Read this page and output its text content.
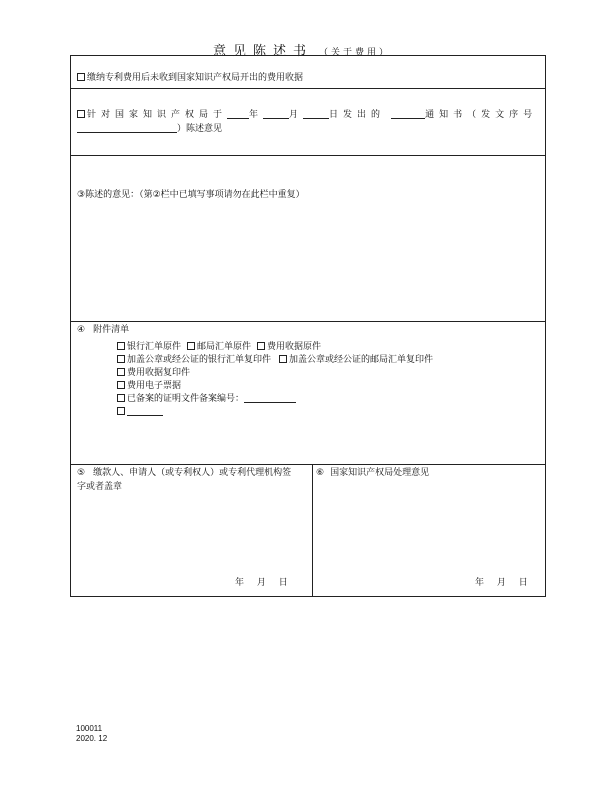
意见陈述书 （关于费用）
缴纳专利费用后未收到国家知识产权局开出的费用收据
针对国家知识产权局于 年	月	日发出的	通知书（发文序号
）陈述意见
③陈述的意见：（第②栏中已填写事项请勿在此栏中重复）
④ 附件清单
银行汇单原件 邮局汇单原件 费用收据原件
加盖公章或经公证的银行汇单复印件 加盖公章或经公证的邮局汇单复印件
费用收据复印件
费用电子票据
已备案的证明文件备案编号：
⑤ 缴款人、申请人（或专利权人）或专利代理机构签
字或者盖章
年 月 日
⑥ 国家知识产权局处理意见
年 月 日
100011
2020. 12
